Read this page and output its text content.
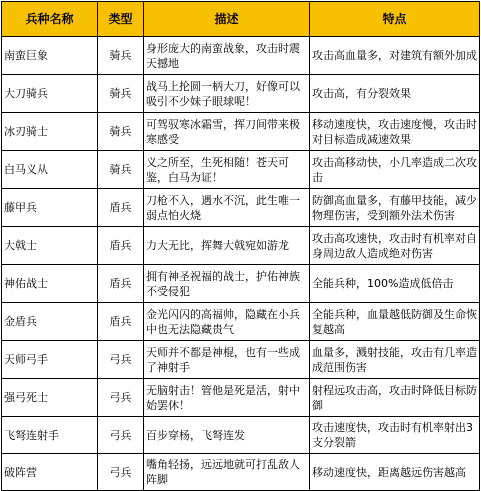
兵种名称	类型	描述	特点
南蛮巨象	骑兵	身形庞大的南蛮战象，攻击时震天撼地	攻击高血量多，对建筑有额外加成

大刀骑兵	骑兵	战马上抡圆一柄大刀，好像可以吸引不少妹子眼球呢！	攻击高，有分裂效果

冰刃骑士	骑兵	可驾驭寒冰霜雪，挥刀间带来极寒感受	移动速度快，攻击速度慢，攻击时对目标造成减速效果

白马义从	骑兵	义之所至，生死相随！苍天可鉴，白马为证！	攻击高移动快，小几率造成二次攻击

藤甲兵	盾兵	刀枪不入，遇水不沉，此生唯一弱点怕火烧	防御高血量多，有藤甲技能，减少物理伤害，受到额外法术伤害

大戟士	盾兵	力大无比，挥舞大戟宛如游龙	攻击高攻速快，攻击时有机率对自身周边敌人造成绝对伤害

神佑战士	盾兵	拥有神圣祝福的战士，护佑神族不受侵犯	全能兵种，100%造成低倍击

金盾兵	盾兵	金光闪闪的高福帅，隐藏在小兵中也无法隐藏贵气	全能兵种，血量越低防御及生命恢复越高

天师弓手	弓兵	天师并不都是神棍，也有一些成了神射手	血量多，溅射技能，攻击有几率造成范围伤害

强弓死士	弓兵	无脑射击！管他是死是活，射中始罢休！	射程远攻击高，攻击时降低目标防御

飞弩连射手	弓兵	百步穿杨，飞弩连发	攻击速度快，攻击时有机率射出3支分裂箭

破阵营	弓兵	嘴角轻扬，远远地就可打乱敌人阵脚	移动速度快，距离越远伤害越高
